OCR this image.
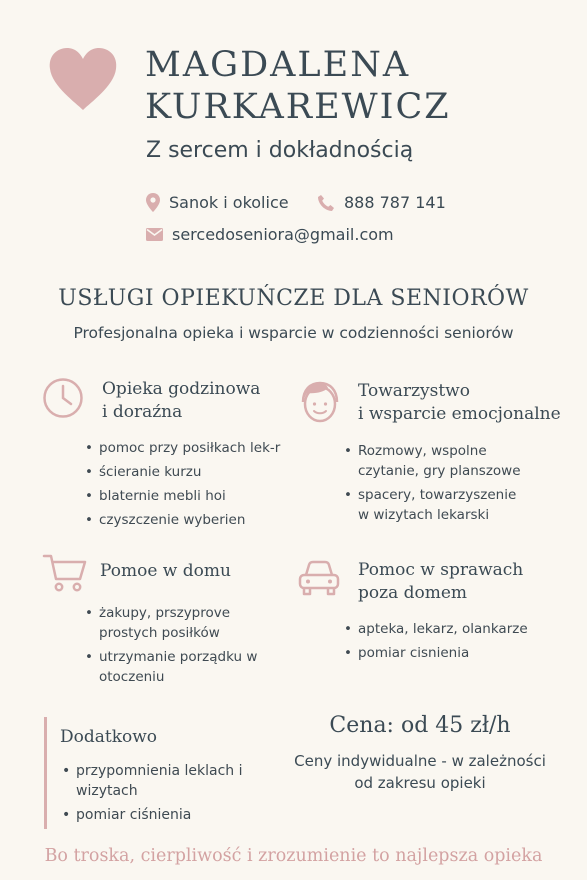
MAGDALENA
KURKAREWICZ
Z sercem i dokładnością
Sanok i okolice	888 787 141
sercedoseniora@gmail.com
USŁUGI OPIEKUŃCZE DLA SENIORÓW
Profesjonalna opieka i wsparcie w codzienności seniorów
Opieka godzinowa
i doraźna
• pomoc przy posiłkach lek-r
• ścieranie kurzu
• blaternie mebli hoi
• czyszczenie wyberien
Towarzystwo
i wsparcie emocjonalne
• Rozmowy, wspolne czytanie, gry planszowe
• spacery, towarzyszenie w wizytach lekarski
Pomoe w domu
• żakupy, prszyprove prostych posiłków
• utrzymanie porządku w otoczeniu
Pomoc w sprawach
poza domem
• apteka, lekarz, olankarze
• pomiar cisnienia
Dodatkowo
• przypomnienia leklach i wizytach
• pomiar ciśnienia
Cena: od 45 zł/h
Ceny indywidualne - w zależności od zakresu opieki
Bo troska, cierpliwość i zrozumienie to najlepsza opieka
